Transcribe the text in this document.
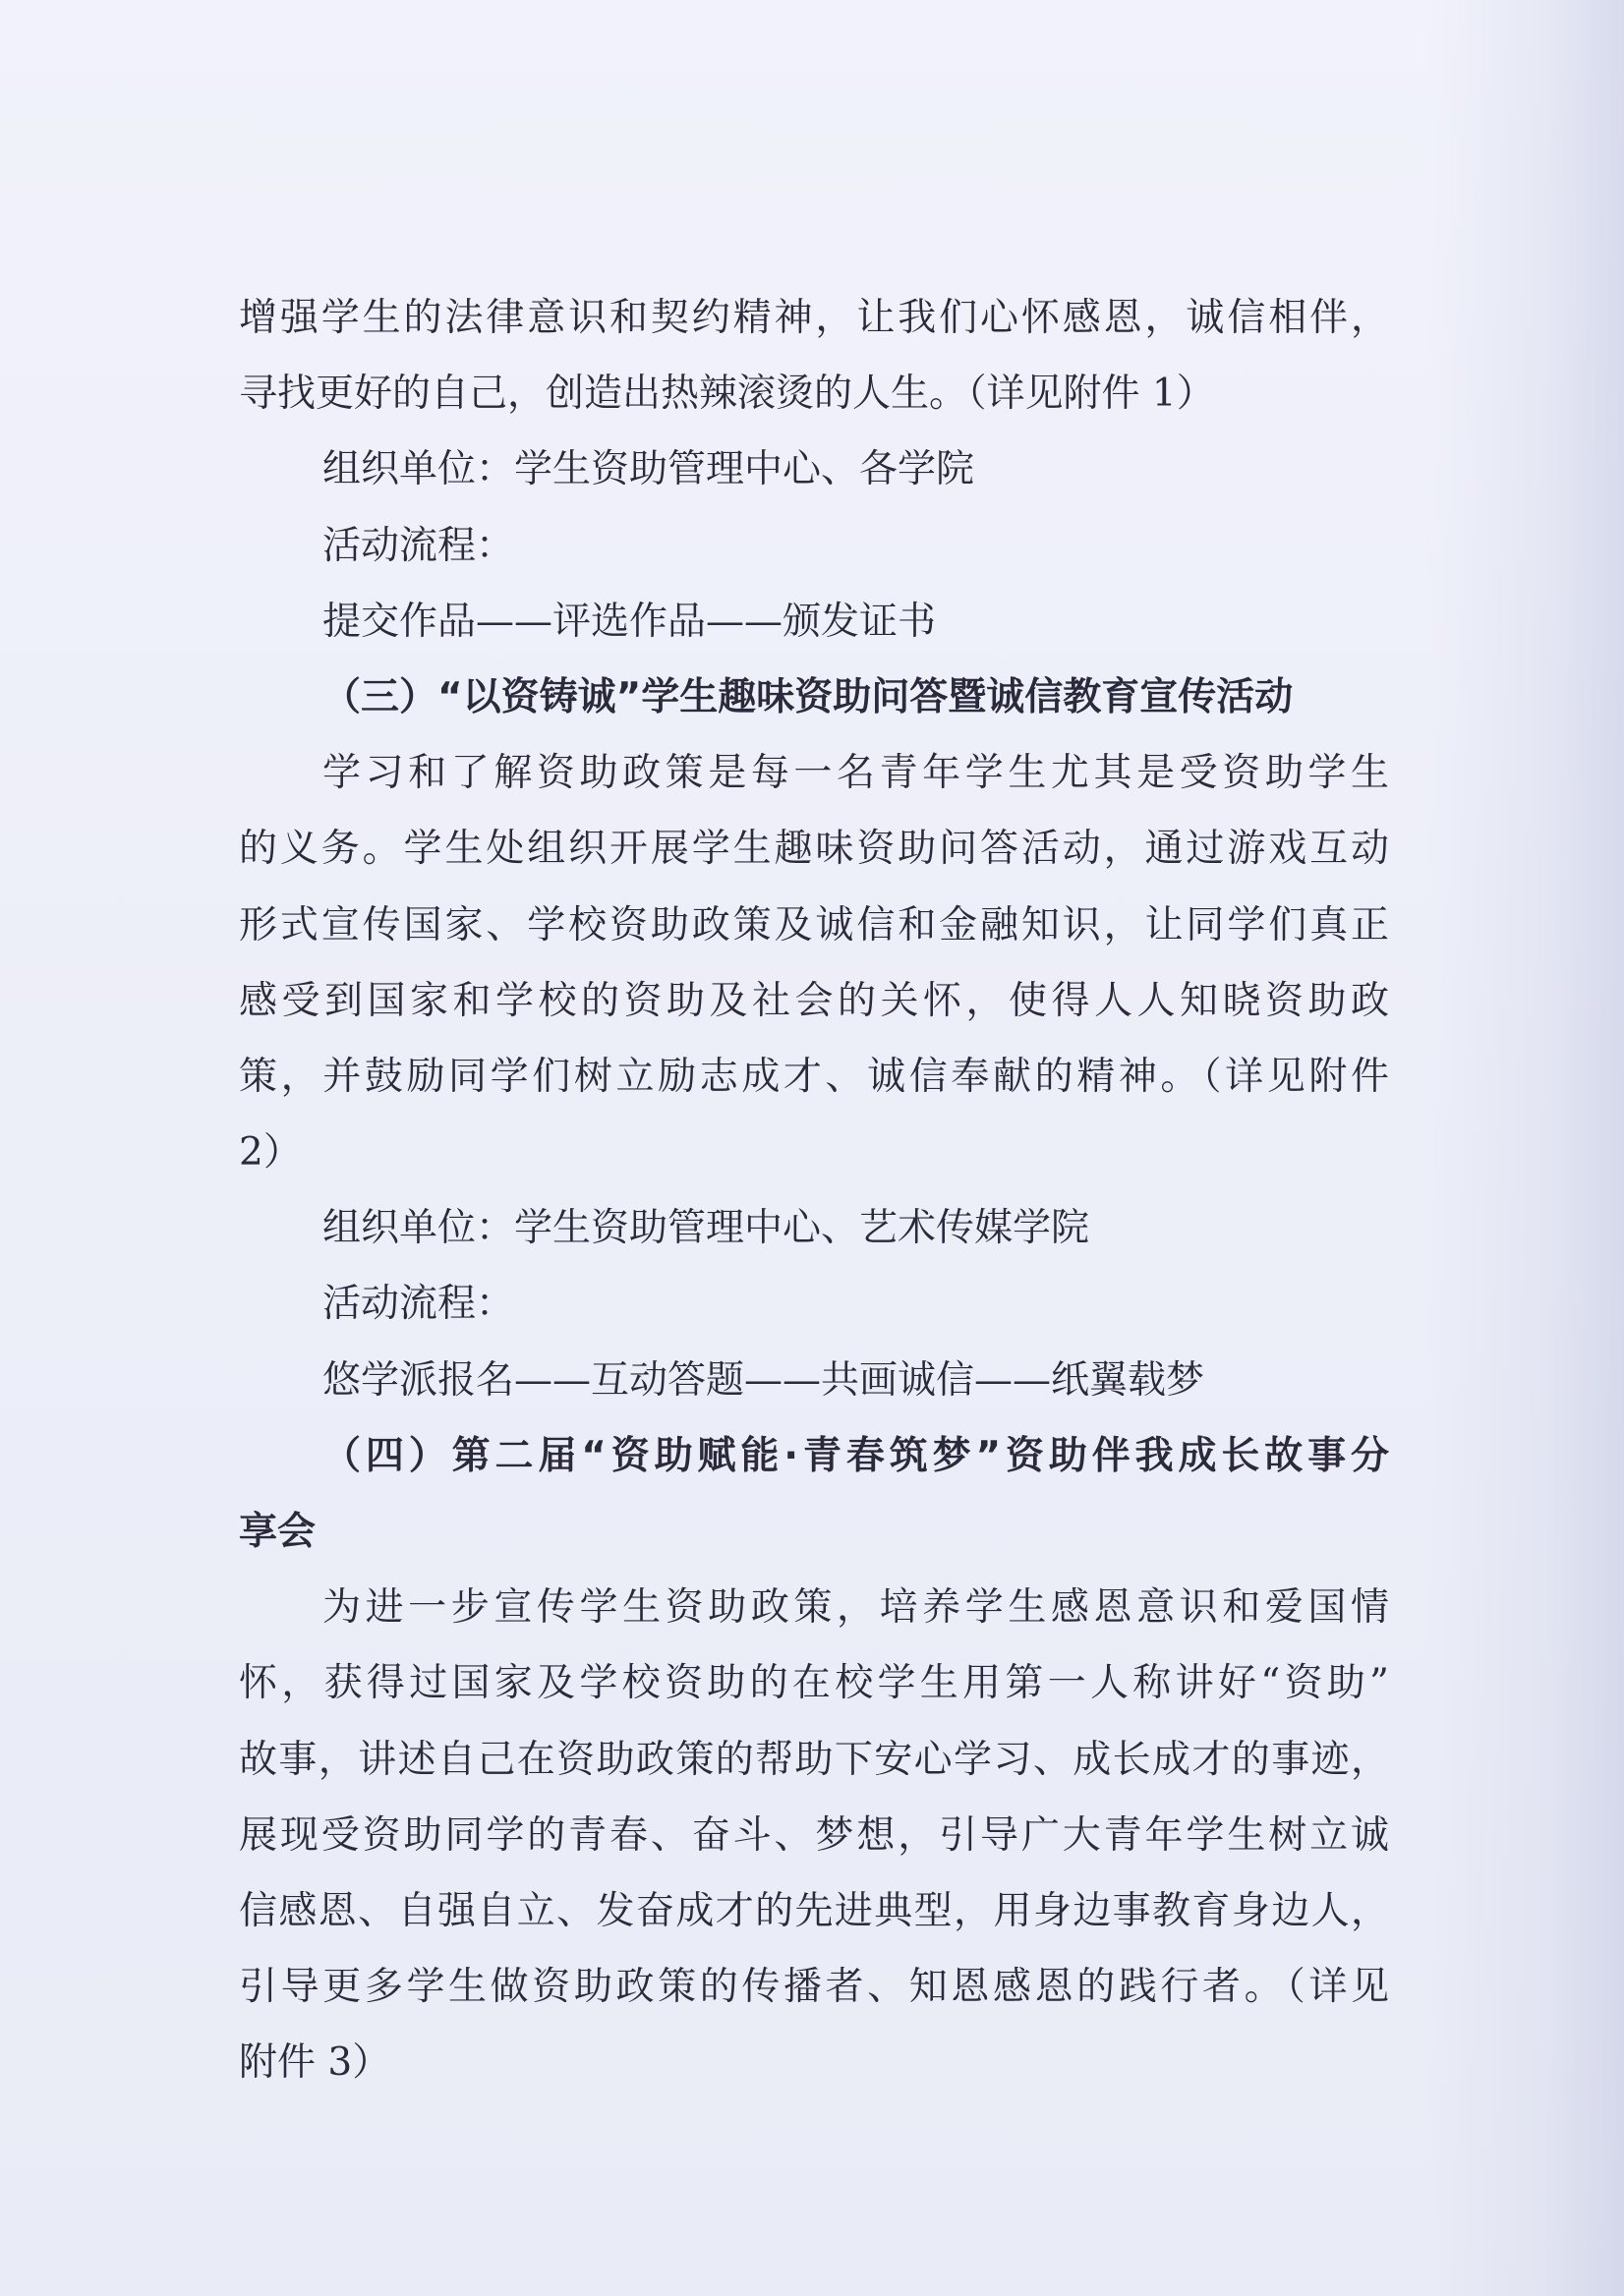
增强学生的法律意识和契约精神，让我们心怀感恩，诚信相伴，
寻找更好的自己，创造出热辣滚烫的人生。（详见附件 1）
组织单位：学生资助管理中心、各学院
活动流程：
提交作品——评选作品——颁发证书
（三）“以资铸诚”学生趣味资助问答暨诚信教育宣传活动
学习和了解资助政策是每一名青年学生尤其是受资助学生
的义务。学生处组织开展学生趣味资助问答活动，通过游戏互动
形式宣传国家、学校资助政策及诚信和金融知识，让同学们真正
感受到国家和学校的资助及社会的关怀，使得人人知晓资助政
策，并鼓励同学们树立励志成才、诚信奉献的精神。（详见附件
2）
组织单位：学生资助管理中心、艺术传媒学院
活动流程：
悠学派报名——互动答题——共画诚信——纸翼载梦
（四）第二届“资助赋能·青春筑梦”资助伴我成长故事分
享会
为进一步宣传学生资助政策，培养学生感恩意识和爱国情
怀，获得过国家及学校资助的在校学生用第一人称讲好“资助”
故事，讲述自己在资助政策的帮助下安心学习、成长成才的事迹，
展现受资助同学的青春、奋斗、梦想，引导广大青年学生树立诚
信感恩、自强自立、发奋成才的先进典型，用身边事教育身边人，
引导更多学生做资助政策的传播者、知恩感恩的践行者。（详见
附件 3）
